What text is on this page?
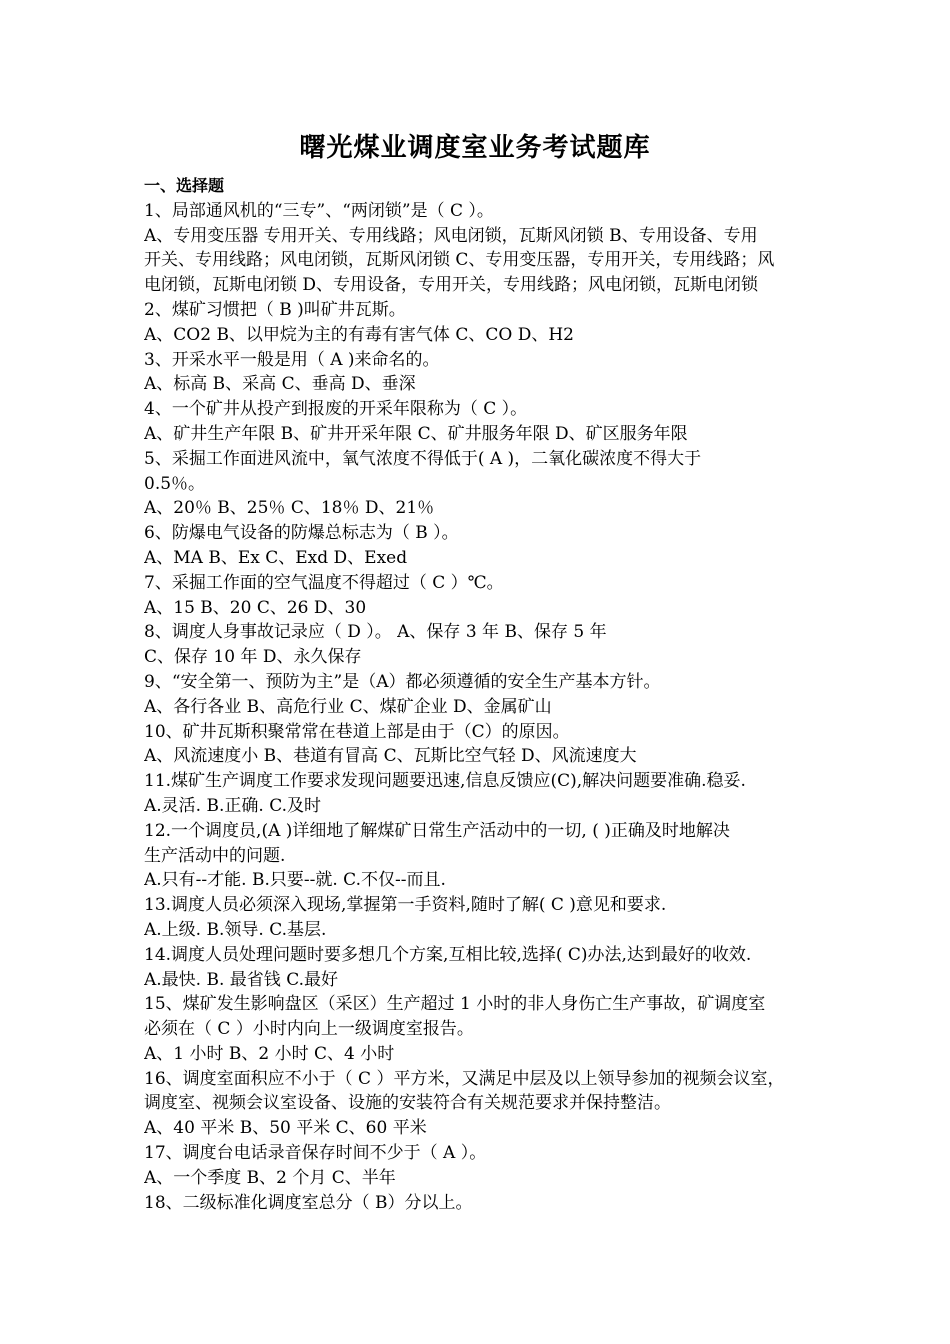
曙光煤业调度室业务考试题库
一、选择题
1、局部通风机的“三专”、“两闭锁”是（ C ）。
A、专用变压器 专用开关、专用线路；风电闭锁，瓦斯风闭锁 B、专用设备、专用
开关、专用线路；风电闭锁，瓦斯风闭锁 C、专用变压器，专用开关，专用线路；风
电闭锁，瓦斯电闭锁 D、专用设备，专用开关，专用线路；风电闭锁，瓦斯电闭锁
2、煤矿习惯把（ B )叫矿井瓦斯。
A、CO2 B、以甲烷为主的有毒有害气体 C、CO D、H2
3、开采水平一般是用（ A )来命名的。
A、标高 B、采高 C、垂高 D、垂深
4、一个矿井从投产到报废的开采年限称为（ C ）。
A、矿井生产年限 B、矿井开采年限 C、矿井服务年限 D、矿区服务年限
5、采掘工作面进风流中，氧气浓度不得低于( A )，二氧化碳浓度不得大于
0.5％。
A、20％ B、25％ C、18％ D、21％
6、防爆电气设备的防爆总标志为（ B ）。
A、MA B、Ex C、Exd D、Exed
7、采掘工作面的空气温度不得超过（ C ）℃。
A、15 B、20 C、26 D、30
8、调度人身事故记录应（ D ）。 A、保存 3 年 B、保存 5 年
C、保存 10 年 D、永久保存
9、“安全第一、预防为主”是（A）都必须遵循的安全生产基本方针。
A、各行各业 B、高危行业 C、煤矿企业 D、金属矿山
10、矿井瓦斯积聚常常在巷道上部是由于（C）的原因。
A、风流速度小 B、巷道有冒高 C、瓦斯比空气轻 D、风流速度大
11.煤矿生产调度工作要求发现问题要迅速,信息反馈应(C),解决问题要准确.稳妥.
A.灵活. B.正确. C.及时
12.一个调度员,(A )详细地了解煤矿日常生产活动中的一切, ( )正确及时地解决
生产活动中的问题.
A.只有--才能. B.只要--就. C.不仅--而且.
13.调度人员必须深入现场,掌握第一手资料,随时了解( C )意见和要求.
A.上级. B.领导. C.基层.
14.调度人员处理问题时要多想几个方案,互相比较,选择( C)办法,达到最好的收效.
A.最快. B. 最省钱 C.最好
15、煤矿发生影响盘区（采区）生产超过 1 小时的非人身伤亡生产事故，矿调度室
必须在（ C ）小时内向上一级调度室报告。
A、1 小时 B、2 小时 C、4 小时
16、调度室面积应不小于（ C ）平方米，又满足中层及以上领导参加的视频会议室，
调度室、视频会议室设备、设施的安装符合有关规范要求并保持整洁。
A、40 平米 B、50 平米 C、60 平米
17、调度台电话录音保存时间不少于（ A ）。
A、一个季度 B、2 个月 C、半年
18、二级标准化调度室总分（ B）分以上。
